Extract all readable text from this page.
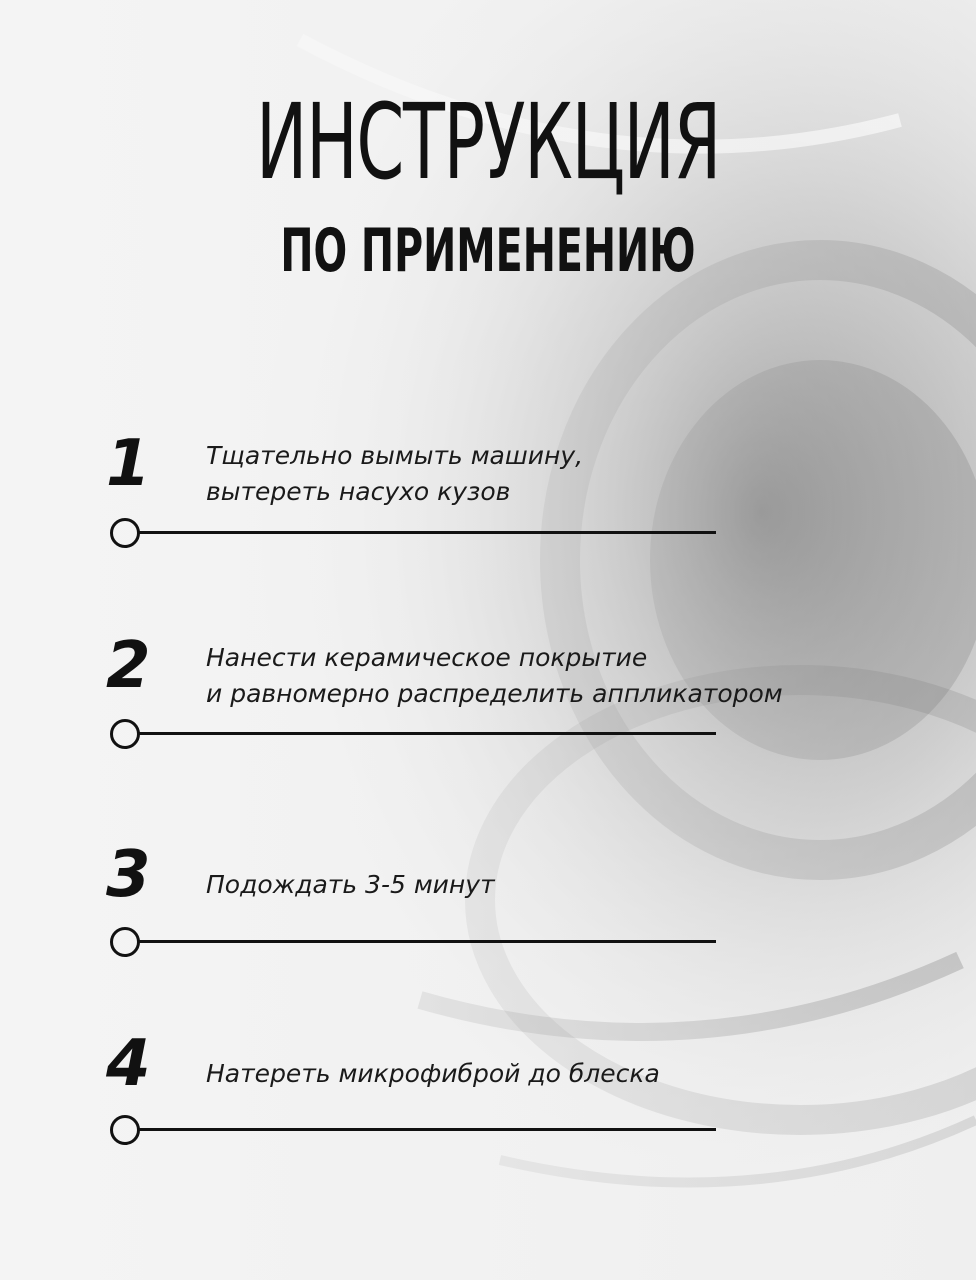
ИНСТРУКЦИЯ
ПО ПРИМЕНЕНИЮ
1	Тщательно вымыть машину,
вытереть насухо кузов
2	Нанести керамическое покрытие
и равномерно распределить аппликатором
3	Подождать 3-5 минут
4	Натереть микрофиброй до блеска
